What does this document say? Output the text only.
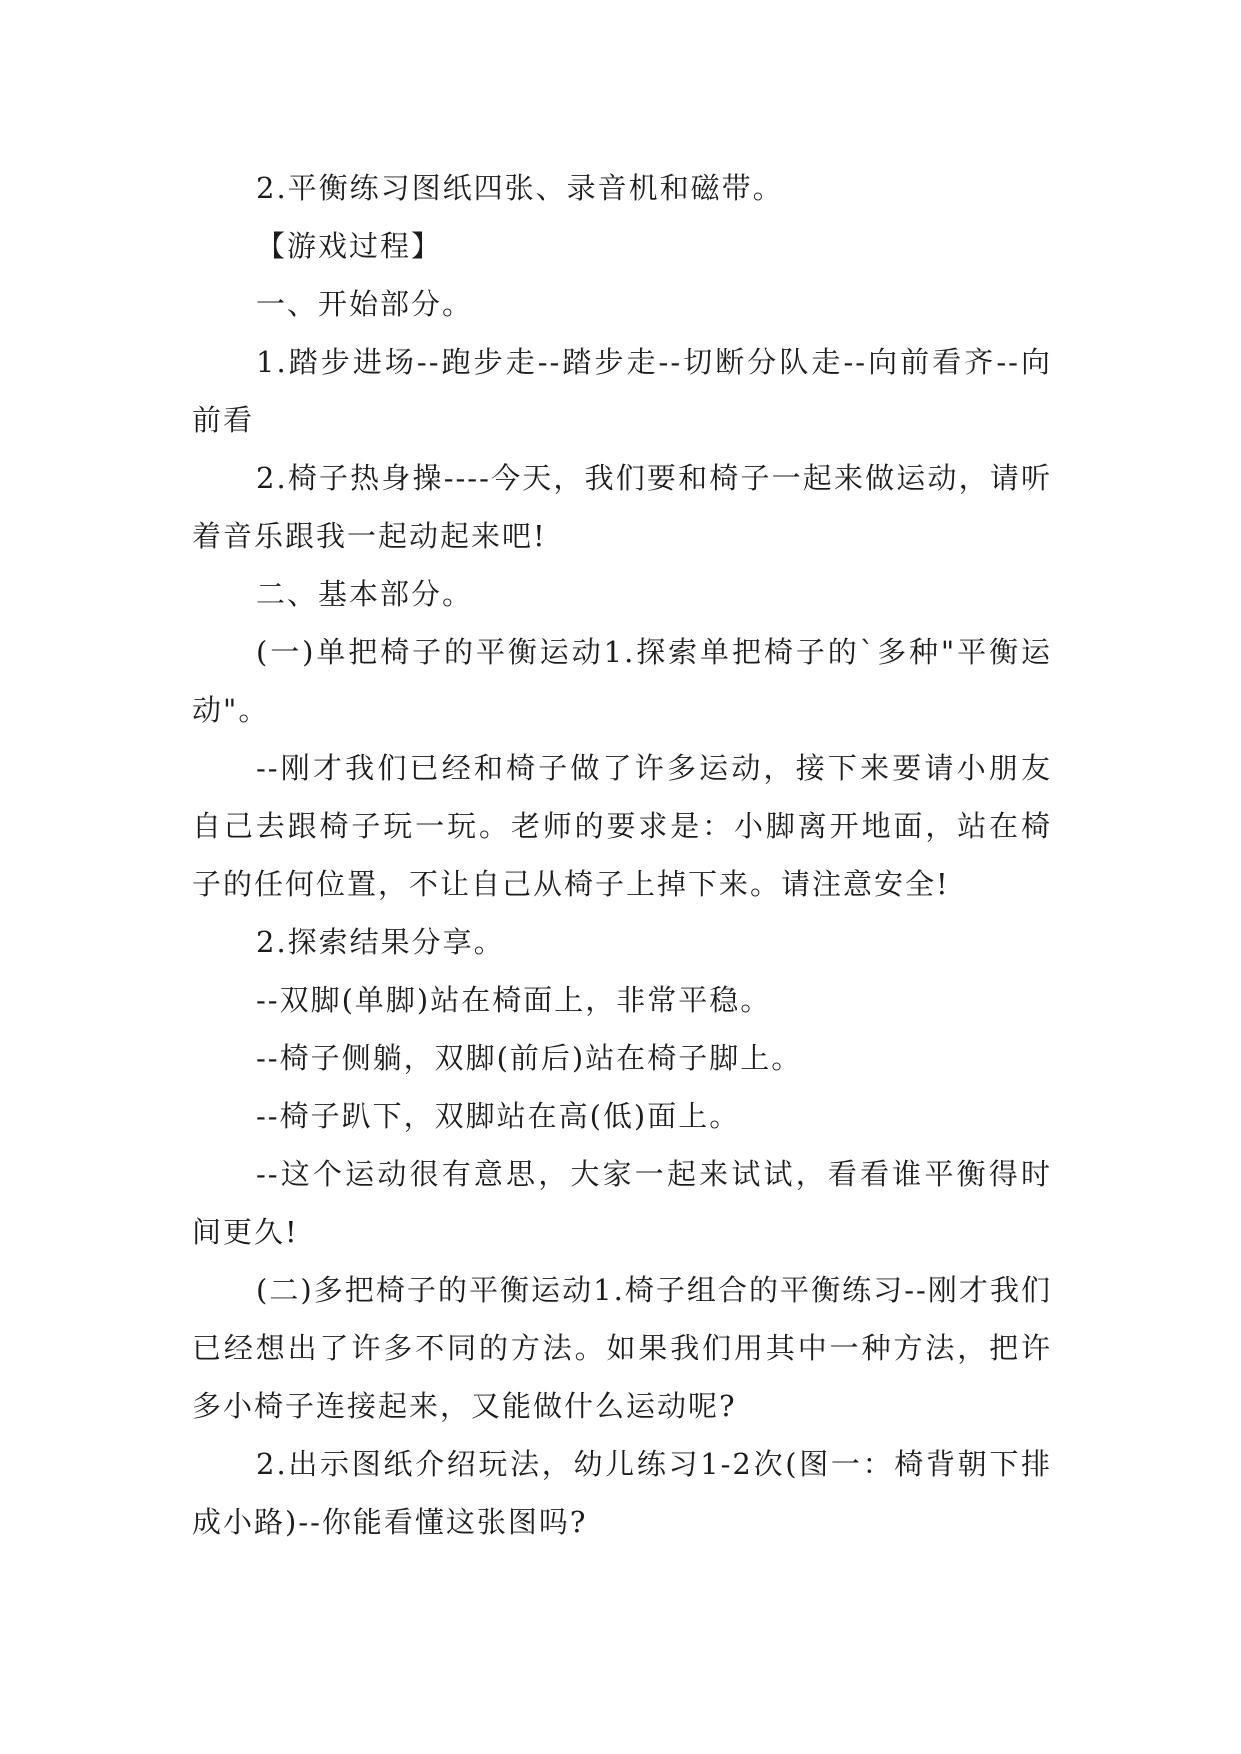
2.平衡练习图纸四张、录音机和磁带。

【游戏过程】

一、开始部分。

1.踏步进场--跑步走--踏步走--切断分队走--向前看齐--向前看

2.椅子热身操----今天，我们要和椅子一起来做运动，请听着音乐跟我一起动起来吧!

二、基本部分。

(一)单把椅子的平衡运动1.探索单把椅子的`多种"平衡运动"。

--刚才我们已经和椅子做了许多运动，接下来要请小朋友自己去跟椅子玩一玩。老师的要求是：小脚离开地面，站在椅子的任何位置，不让自己从椅子上掉下来。请注意安全!

2.探索结果分享。

--双脚(单脚)站在椅面上，非常平稳。

--椅子侧躺，双脚(前后)站在椅子脚上。

--椅子趴下，双脚站在高(低)面上。

--这个运动很有意思，大家一起来试试，看看谁平衡得时间更久!

(二)多把椅子的平衡运动1.椅子组合的平衡练习--刚才我们已经想出了许多不同的方法。如果我们用其中一种方法，把许多小椅子连接起来，又能做什么运动呢?

2.出示图纸介绍玩法，幼儿练习1-2次(图一：椅背朝下排成小路)--你能看懂这张图吗?
